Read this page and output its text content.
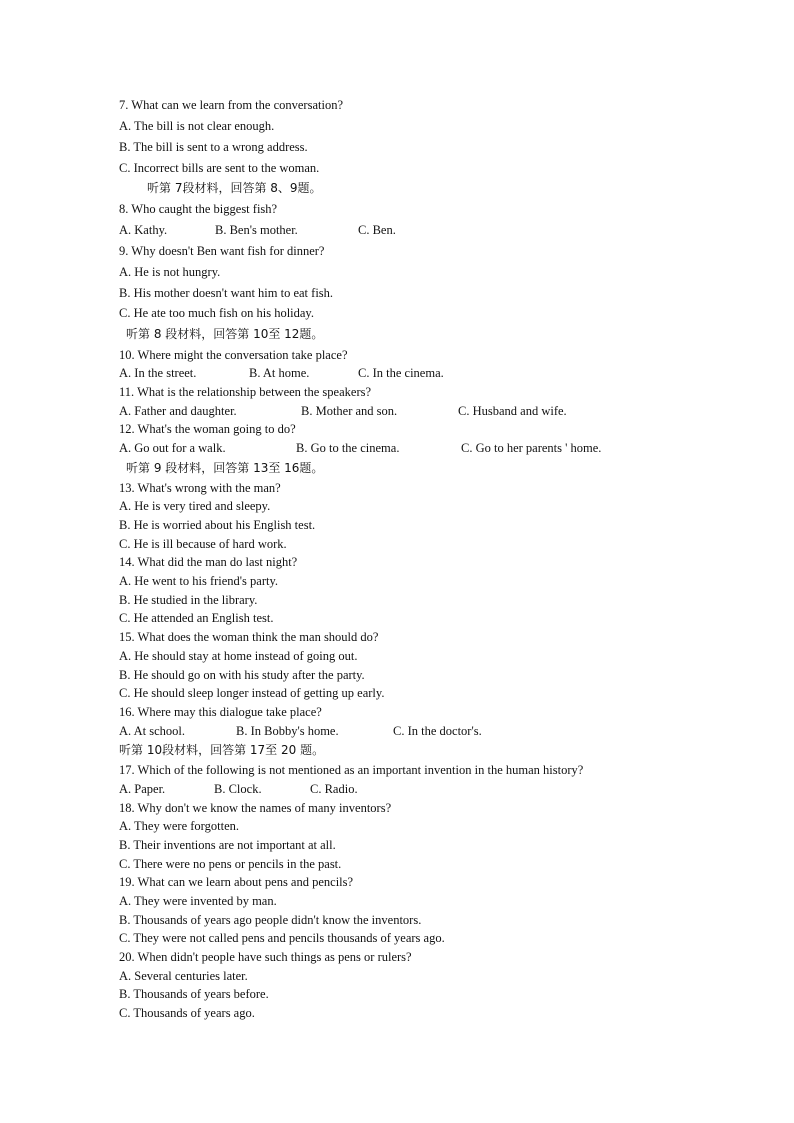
7. What can we learn from the conversation?
A. The bill is not clear enough.
B. The bill is sent to a wrong address.
C. Incorrect bills are sent to the woman.
听第 7段材料，回答第 8、9题。
8. Who caught the biggest fish?
A. Kathy.	B. Ben's mother.	C. Ben.
9. Why doesn't Ben want fish for dinner?
A. He is not hungry.
B. His mother doesn't want him to eat fish.
C. He ate too much fish on his holiday.
听第 8 段材料，回答第 10至 12题。
10. Where might the conversation take place?
A. In the street.	B. At home.	C. In the cinema.
11. What is the relationship between the speakers?
A. Father and daughter.	B. Mother and son.	C. Husband and wife.
12. What's the woman going to do?
A. Go out for a walk.	B. Go to the cinema.	C. Go to her parents ' home.
听第 9 段材料，回答第 13至 16题。
13. What's wrong with the man?
A. He is very tired and sleepy.
B. He is worried about his English test.
C. He is ill because of hard work.
14. What did the man do last night?
A. He went to his friend's party.
B. He studied in the library.
C. He attended an English test.
15. What does the woman think the man should do?
A. He should stay at home instead of going out.
B. He should go on with his study after the party.
C. He should sleep longer instead of getting up early.
16. Where may this dialogue take place?
A. At school.	B. In Bobby's home.	C. In the doctor's.
听第 10段材料，回答第 17至 20 题。
17. Which of the following is not mentioned as an important invention in the human history?
A. Paper.	B. Clock.	C. Radio.
18. Why don't we know the names of many inventors?
A. They were forgotten.
B. Their inventions are not important at all.
C. There were no pens or pencils in the past.
19. What can we learn about pens and pencils?
A. They were invented by man.
B. Thousands of years ago people didn't know the inventors.
C. They were not called pens and pencils thousands of years ago.
20. When didn't people have such things as pens or rulers?
A. Several centuries later.
B. Thousands of years before.
C. Thousands of years ago.
